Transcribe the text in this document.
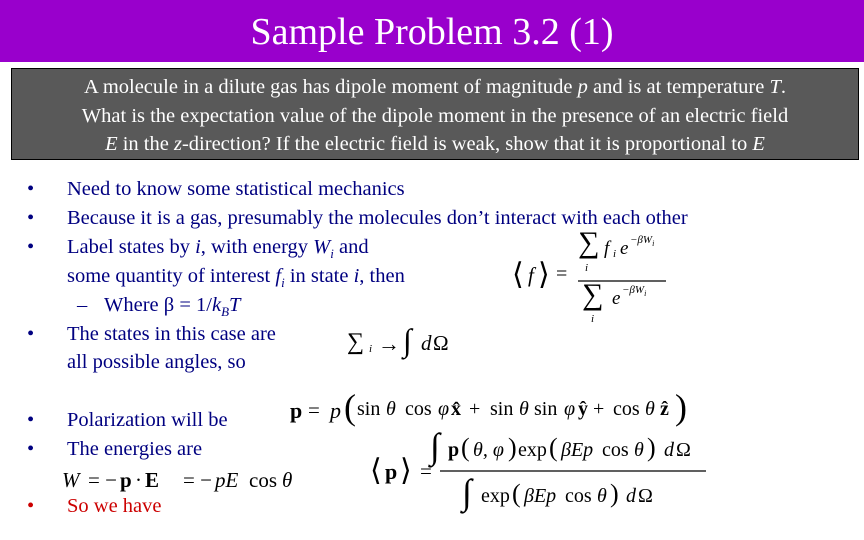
Sample Problem 3.2 (1)
A molecule in a dilute gas has dipole moment of magnitude p and is at temperature T.
What is the expectation value of the dipole moment in the presence of an electric field
E in the z-direction? If the electric field is weak, show that it is proportional to E
• Need to know some statistical mechanics
• Because it is a gas, presumably the molecules don’t interact with each other
• Label states by i, with energy $W_i$ and
some quantity of interest $f_i$ in state i, then
– Where $\beta = 1/k_BT$
• The states in this case are
all possible angles, so
• Polarization will be
• The energies are
• So we have
⟨ f ⟩ =
∑
i
f i $e -\beta W_i$
∑
i
$e -\beta W_i$
∑ i → ∫ d Ω
p = p ( sin θ cos φ x̂ + sin θ sin φ ŷ + cos θ ẑ )
W = − p · E = − pE cos θ	⟨ p ⟩ =
∫ p ( θ, φ ) exp ( βEp cos θ ) d Ω
∫ exp ( βEp cos θ ) d Ω
